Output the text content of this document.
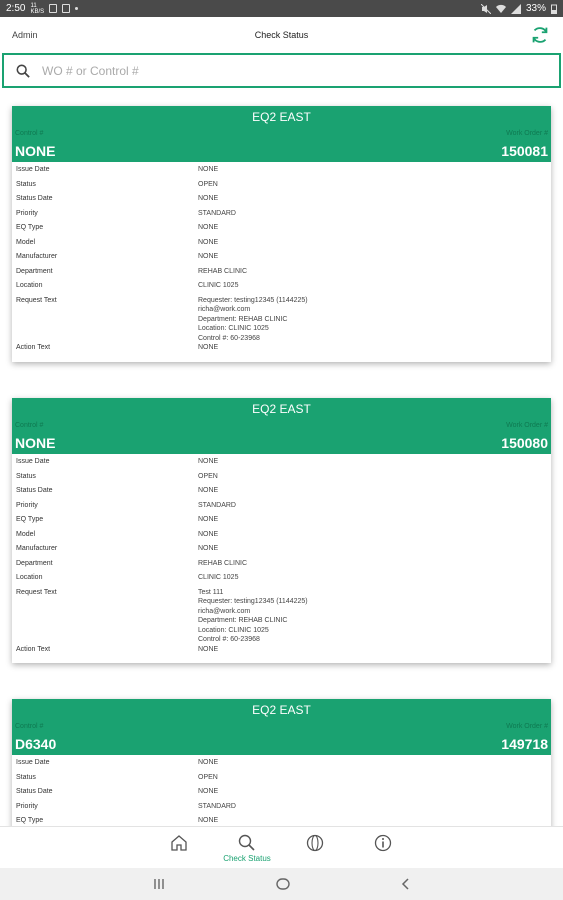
2:50 11
KB/S	33%
Admin	Check Status
WO # or Control #
EQ2 EAST
Control #	Work Order #
NONE	150081
Issue Date	NONE
Status	OPEN
Status Date	NONE
Priority	STANDARD
EQ Type	NONE
Model	NONE
Manufacturer	NONE
Department	REHAB CLINIC
Location	CLINIC 1025
Request Text	Requester: testing12345 (1144225)
richa@work.com
Department: REHAB CLINIC
Location: CLINIC 1025
Control #: 60-23968
Action Text	NONE
EQ2 EAST
Control #	Work Order #
NONE	150080
Issue Date	NONE
Status	OPEN
Status Date	NONE
Priority	STANDARD
EQ Type	NONE
Model	NONE
Manufacturer	NONE
Department	REHAB CLINIC
Location	CLINIC 1025
Request Text	Test 111
Requester: testing12345 (1144225)
richa@work.com
Department: REHAB CLINIC
Location: CLINIC 1025
Control #: 60-23968
Action Text	NONE
EQ2 EAST
Control #	Work Order #
D6340	149718
Issue Date	NONE
Status	OPEN
Status Date	NONE
Priority	STANDARD
EQ Type	NONE
Check Status
